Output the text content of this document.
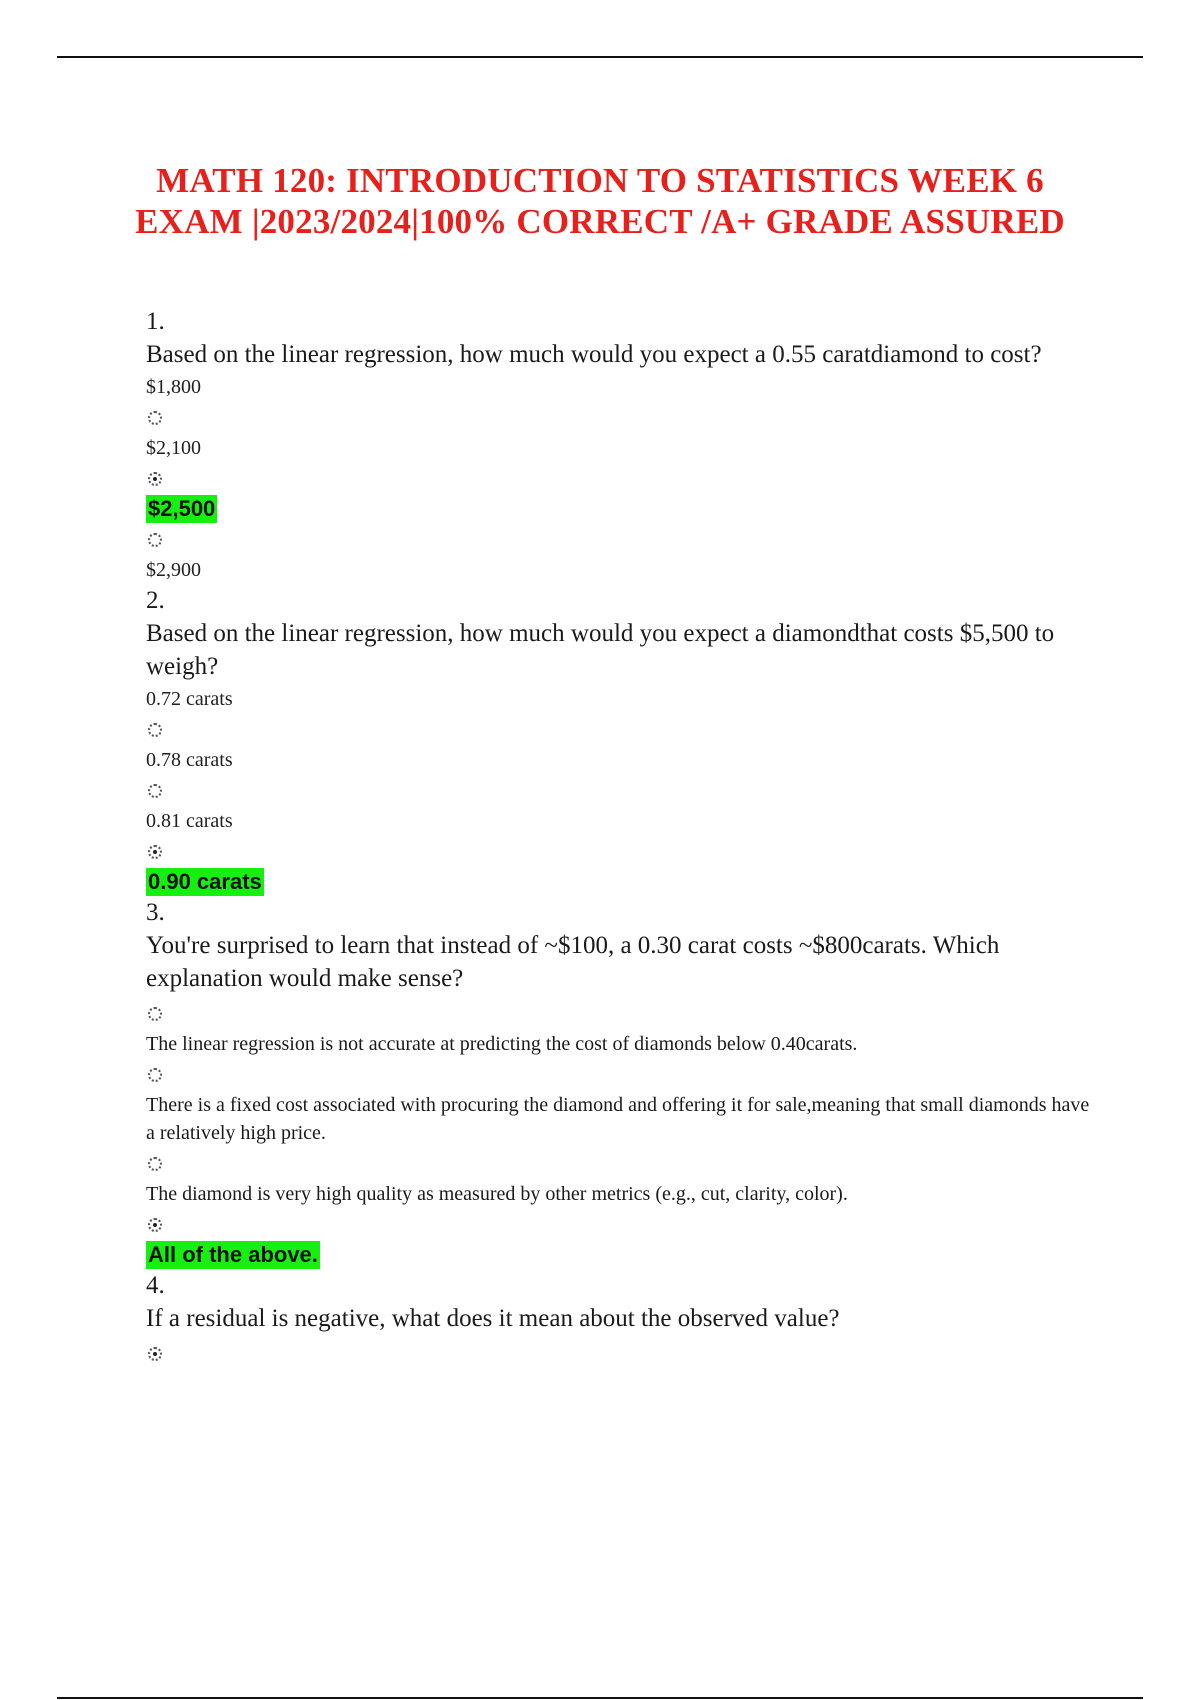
MATH 120: INTRODUCTION TO STATISTICS WEEK 6
EXAM |2023/2024|100% CORRECT /A+ GRADE ASSURED
1.
Based on the linear regression, how much would you expect a 0.55 caratdiamond to cost?
$1,800
$2,100
$2,500
$2,900
2.
Based on the linear regression, how much would you expect a diamondthat costs $5,500 to weigh?
0.72 carats
0.78 carats
0.81 carats
0.90 carats
3.
You're surprised to learn that instead of ~$100, a 0.30 carat costs ~$800carats. Which explanation would make sense?
The linear regression is not accurate at predicting the cost of diamonds below 0.40carats.
There is a fixed cost associated with procuring the diamond and offering it for sale,meaning that small diamonds have a relatively high price.
The diamond is very high quality as measured by other metrics (e.g., cut, clarity, color).
All of the above.
4.
If a residual is negative, what does it mean about the observed value?
